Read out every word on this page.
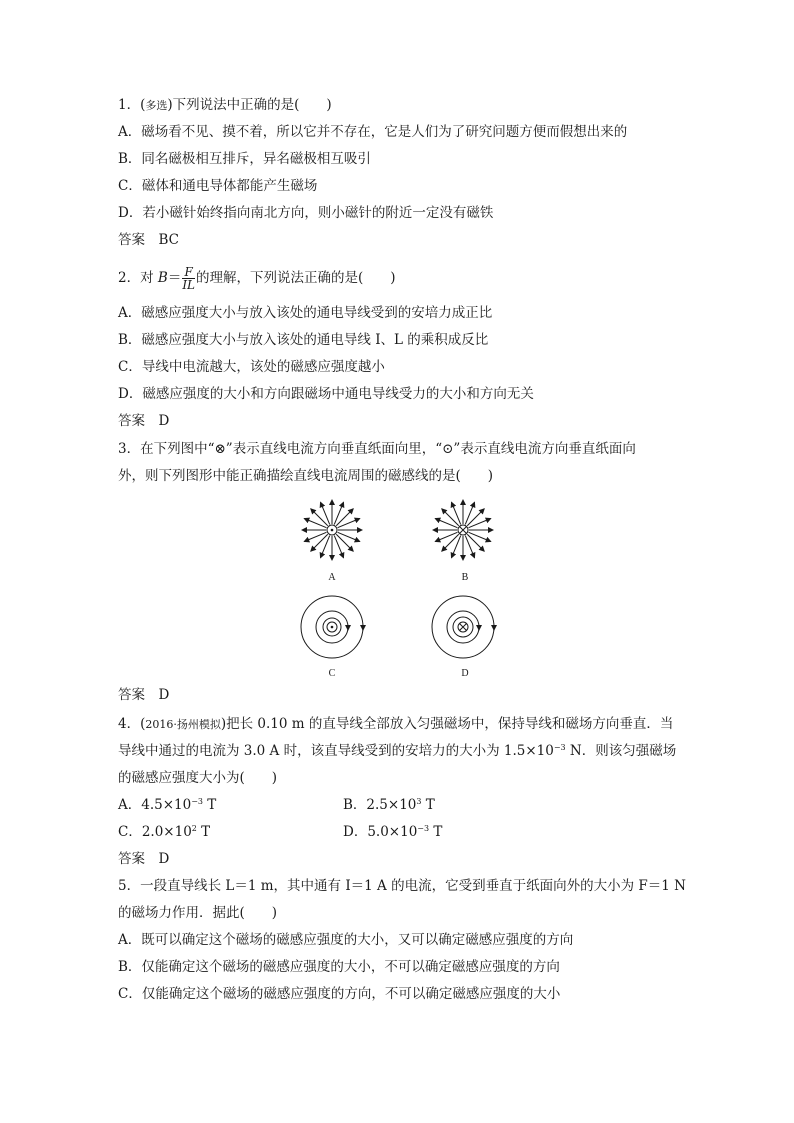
1．(多选)下列说法中正确的是(　　)
A．磁场看不见、摸不着，所以它并不存在，它是人们为了研究问题方便而假想出来的
B．同名磁极相互排斥，异名磁极相互吸引
C．磁体和通电导体都能产生磁场
D．若小磁针始终指向南北方向，则小磁针的附近一定没有磁铁
答案　BC
2．对 $B= \frac{F}{IL}$ 的理解，下列说法正确的是(　　)
A．磁感应强度大小与放入该处的通电导线受到的安培力成正比
B．磁感应强度大小与放入该处的通电导线 I、L 的乘积成反比
C．导线中电流越大，该处的磁感应强度越小
D．磁感应强度的大小和方向跟磁场中通电导线受力的大小和方向无关
答案　D
3．在下列图中“⊗”表示直线电流方向垂直纸面向里，“⊙”表示直线电流方向垂直纸面向
外，则下列图形中能正确描绘直线电流周围的磁感线的是(　　)
A	B
C	D
答案　D
4．(2016·扬州模拟)把长 0.10 m 的直导线全部放入匀强磁场中，保持导线和磁场方向垂直．当
导线中通过的电流为 3.0 A 时，该直导线受到的安培力的大小为 $1.5\times 10^{-3}$ N．则该匀强磁场
的磁感应强度大小为(　　)
A．$4.5\times 10^{-3}$ T	B．$2.5\times 10^3$ T
C．$2.0\times 10^2$ T	D．$5.0\times 10^{-3}$ T
答案　D
5．一段直导线长 L＝1 m，其中通有 I＝1 A 的电流，它受到垂直于纸面向外的大小为 F＝1 N
的磁场力作用．据此(　　)
A．既可以确定这个磁场的磁感应强度的大小，又可以确定磁感应强度的方向
B．仅能确定这个磁场的磁感应强度的大小，不可以确定磁感应强度的方向
C．仅能确定这个磁场的磁感应强度的方向，不可以确定磁感应强度的大小
